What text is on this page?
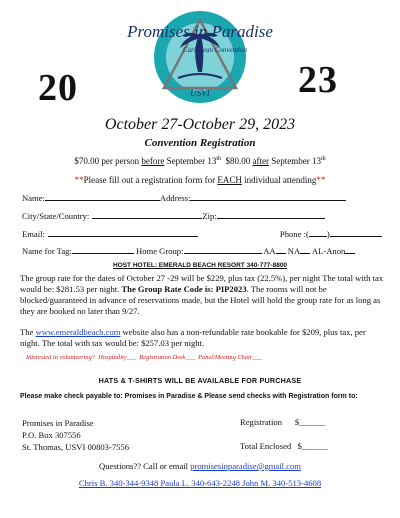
Promises in Paradise
Caribbean Convention
USVI
20	23
October 27-October 29, 2023
Convention Registration
$70.00 per person before September 13th $80.00 after September 13th
**Please fill out a registration form for EACH individual attending**
Name:	Address:
City/State/Country:	Zip:
Email:	Phone :( )
Name for Tag:	Home Group:	AA NA AL-Anon
HOST HOTEL: EMERALD BEACH RESORT 340-777-8800
The group rate for the dates of October 27 -29 will be $229, plus tax (22.5%), per night The total with tax would be: $281.53 per night. The Group Rate Code is: PIP2023. The rooms will not be blocked/guaranteed in advance of reservations made, but the Hotel will hold the group rate for as long as they are booked no later than 9/27.
The www.emeraldbeach.com website also has a non-refundable rate bookable for $209, plus tax, per night. The total with tax would be: $257.03 per night.
Interested in volunteering? Hospitality___ Registration Desk___ Panel/Meeting Chair___
HATS & T-SHIRTS WILL BE AVAILABLE FOR PURCHASE
Please make check payable to: Promises in Paradise & Please send checks with Registration form to:
Promises in Paradise
P.O. Box 307556
St. Thomas, USVI 00803-7556
Registration $______
Total Enclosed $______
Questions?? Call or email promisesinparadise@gmail.com
Chris B. 340-344-9348 Paula L. 340-643-2248 John M. 340-513-4608
